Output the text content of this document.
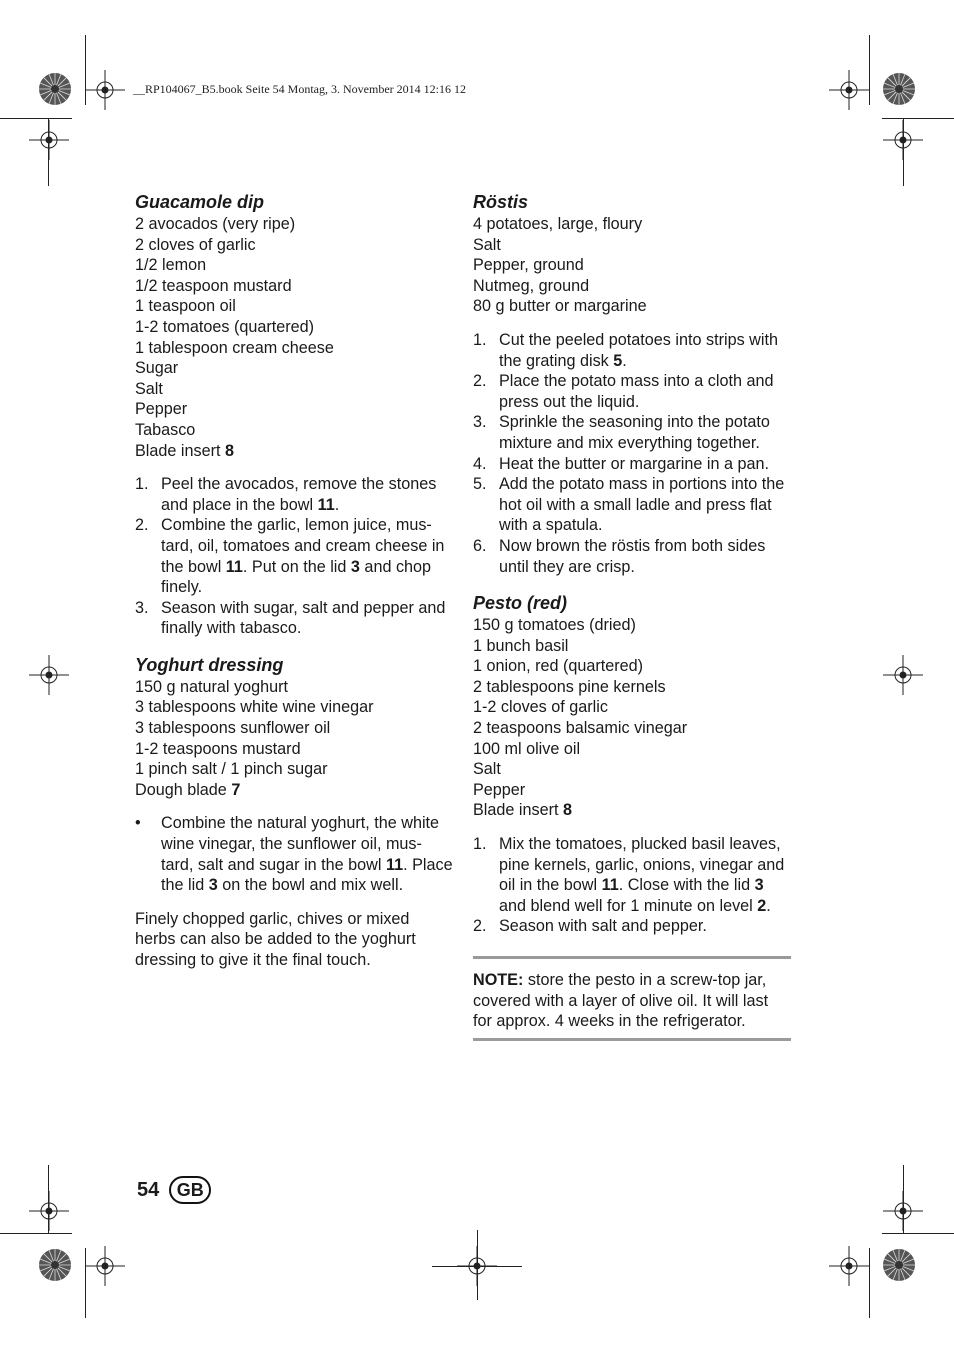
__RP104067_B5.book Seite 54 Montag, 3. November 2014 12:16 12
Guacamole dip
2 avocados (very ripe)
2 cloves of garlic
1/2 lemon
1/2 teaspoon mustard
1 teaspoon oil
1-2 tomatoes (quartered)
1 tablespoon cream cheese
Sugar
Salt
Pepper
Tabasco
Blade insert 8
1. Peel the avocados, remove the stones and place in the bowl 11.
2. Combine the garlic, lemon juice, mus-tard, oil, tomatoes and cream cheese in the bowl 11. Put on the lid 3 and chop finely.
3. Season with sugar, salt and pepper and finally with tabasco.
Yoghurt dressing
150 g natural yoghurt
3 tablespoons white wine vinegar
3 tablespoons sunflower oil
1-2 teaspoons mustard
1 pinch salt / 1 pinch sugar
Dough blade 7
• Combine the natural yoghurt, the white wine vinegar, the sunflower oil, mus-tard, salt and sugar in the bowl 11. Place the lid 3 on the bowl and mix well.

Finely chopped garlic, chives or mixed herbs can also be added to the yoghurt dressing to give it the final touch.

Röstis
4 potatoes, large, floury
Salt
Pepper, ground
Nutmeg, ground
80 g butter or margarine
1. Cut the peeled potatoes into strips with the grating disk 5.
2. Place the potato mass into a cloth and press out the liquid.
3. Sprinkle the seasoning into the potato mixture and mix everything together.
4. Heat the butter or margarine in a pan.
5. Add the potato mass in portions into the hot oil with a small ladle and press flat with a spatula.
6. Now brown the röstis from both sides until they are crisp.
Pesto (red)
150 g tomatoes (dried)
1 bunch basil
1 onion, red (quartered)
2 tablespoons pine kernels
1-2 cloves of garlic
2 teaspoons balsamic vinegar
100 ml olive oil
Salt
Pepper
Blade insert 8
1. Mix the tomatoes, plucked basil leaves, pine kernels, garlic, onions, vinegar and oil in the bowl 11. Close with the lid 3 and blend well for 1 minute on level 2.
2. Season with salt and pepper.
NOTE: store the pesto in a screw-top jar, covered with a layer of olive oil. It will last for approx. 4 weeks in the refrigerator.
54 GB
